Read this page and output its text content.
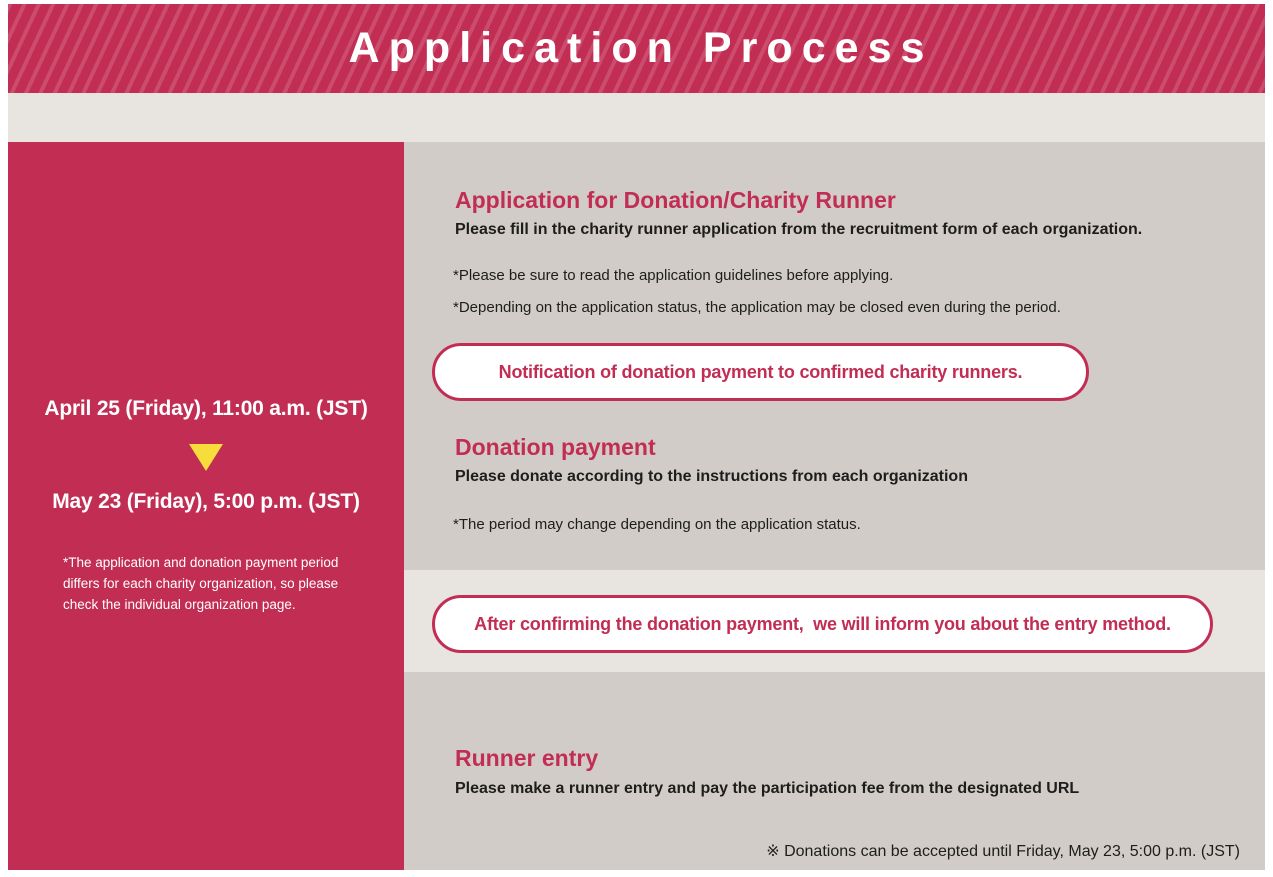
Application Process
April 25 (Friday), 11:00 a.m. (JST)
May 23 (Friday), 5:00 p.m. (JST)
*The application and donation payment period
differs for each charity organization, so please
check the individual organization page.
Application for Donation/Charity Runner

Please fill in the charity runner application from the recruitment form of each organization.

*Please be sure to read the application guidelines before applying.

*Depending on the application status, the application may be closed even during the period.

Notification of donation payment to confirmed charity runners.
Donation payment

Please donate according to the instructions from each organization

*The period may change depending on the application status.

After confirming the donation payment,  we will inform you about the entry method.
Runner entry

Please make a runner entry and pay the participation fee from the designated URL

※ Donations can be accepted until Friday, May 23, 5:00 p.m. (JST)
